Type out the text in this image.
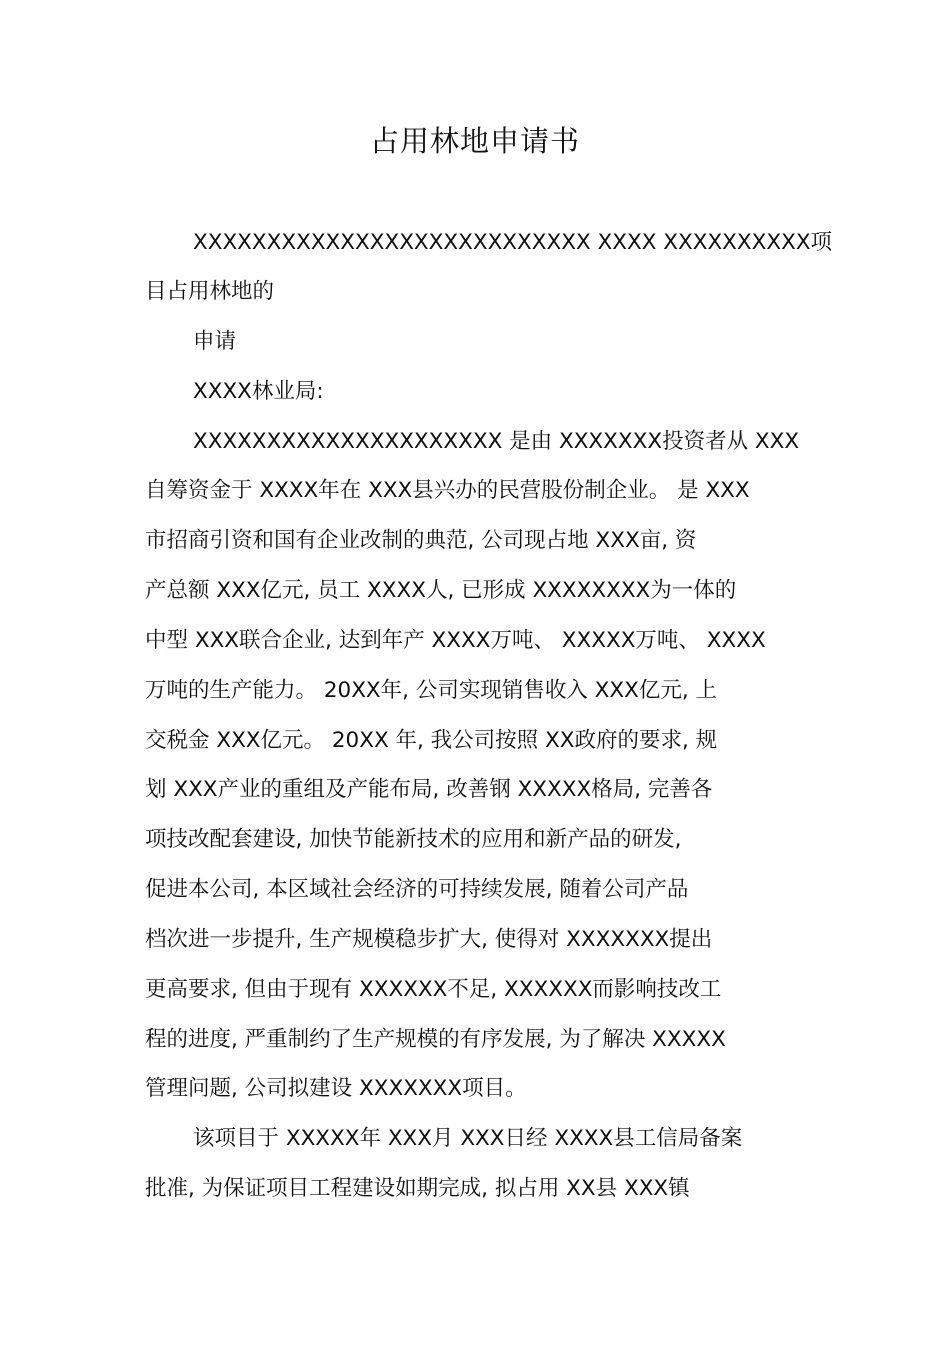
占用林地申请书
XXXXXXXXXXXXXXXXXXXXXXXXXXX XXXX XXXXXXXXXX项
目占用林地的
申请
XXXX林业局:
XXXXXXXXXXXXXXXXXXXXX 是由 XXXXXXX投资者从 XXX
自筹资金于 XXXX年在 XXX县兴办的民营股份制企业。 是 XXX
市招商引资和国有企业改制的典范, 公司现占地 XXX亩, 资
产总额 XXX亿元, 员工 XXXX人, 已形成 XXXXXXXX为一体的
中型 XXX联合企业, 达到年产 XXXX万吨、 XXXXX万吨、 XXXX
万吨的生产能力。 20XX年, 公司实现销售收入 XXX亿元, 上
交税金 XXX亿元。 20XX 年, 我公司按照 XX政府的要求, 规
划 XXX产业的重组及产能布局, 改善钢 XXXXX格局, 完善各
项技改配套建设, 加快节能新技术的应用和新产品的研发,
促进本公司, 本区域社会经济的可持续发展, 随着公司产品
档次进一步提升, 生产规模稳步扩大, 使得对 XXXXXXX提出
更高要求, 但由于现有 XXXXXX不足, XXXXXX而影响技改工
程的进度, 严重制约了生产规模的有序发展, 为了解决 XXXXX
管理问题, 公司拟建设 XXXXXXX项目。
该项目于 XXXXX年 XXX月 XXX日经 XXXX县工信局备案
批准, 为保证项目工程建设如期完成, 拟占用 XX县 XXX镇
